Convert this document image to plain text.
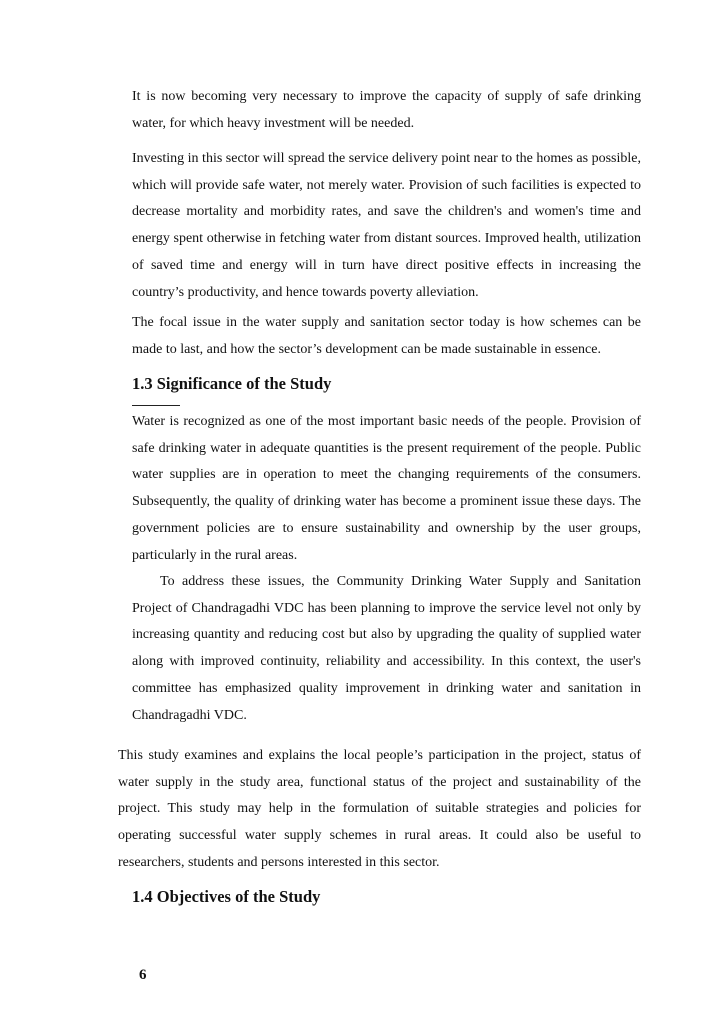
It is now becoming very necessary to improve the capacity of supply of safe drinking water, for which heavy investment will be needed.

Investing in this sector will spread the service delivery point near to the homes as possible, which will provide safe water, not merely water. Provision of such facilities is expected to decrease mortality and morbidity rates, and save the children's and women's time and energy spent otherwise in fetching water from distant sources. Improved health, utilization of saved time and energy will in turn have direct positive effects in increasing the country’s productivity, and hence towards poverty alleviation.

The focal issue in the water supply and sanitation sector today is how schemes can be made to last, and how the sector’s development can be made sustainable in essence.

1.3 Significance of the Study

Water is recognized as one of the most important basic needs of the people. Provision of safe drinking water in adequate quantities is the present requirement of the people. Public water supplies are in operation to meet the changing requirements of the consumers. Subsequently, the quality of drinking water has become a prominent issue these days. The government policies are to ensure sustainability and ownership by the user groups, particularly in the rural areas.

To address these issues, the Community Drinking Water Supply and Sanitation Project of Chandragadhi VDC has been planning to improve the service level not only by increasing quantity and reducing cost but also by upgrading the quality of supplied water along with improved continuity, reliability and accessibility. In this context, the user's committee has emphasized quality improvement in drinking water and sanitation in Chandragadhi VDC.

This study examines and explains the local people’s participation in the project, status of water supply in the study area, functional status of the project and sustainability of the project. This study may help in the formulation of suitable strategies and policies for operating successful water supply schemes in rural areas. It could also be useful to researchers, students and persons interested in this sector.

1.4 Objectives of the Study
6
